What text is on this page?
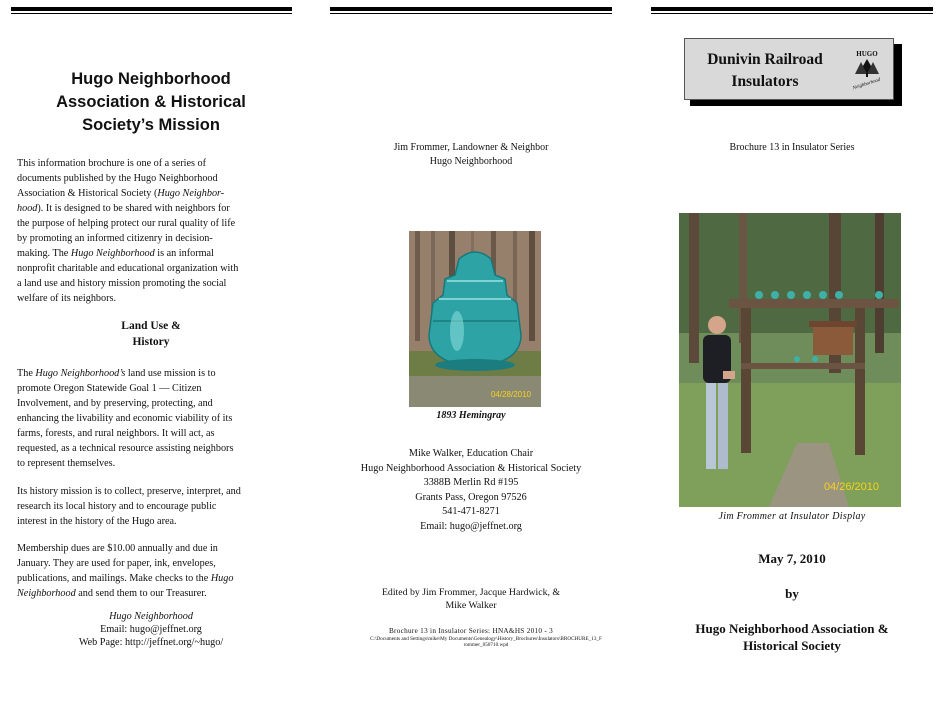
Hugo Neighborhood
Association & Historical
Society’s Mission
This information brochure is one of a series of
documents published by the Hugo Neighborhood
Association & Historical Society (Hugo Neighbor-
hood). It is designed to be shared with neighbors for
the purpose of helping protect our rural quality of life
by promoting an informed citizenry in decision-
making. The Hugo Neighborhood is an informal
nonprofit charitable and educational organization with
a land use and history mission promoting the social
welfare of its neighbors.
Land Use &
History
The Hugo Neighborhood’s land use mission is to
promote Oregon Statewide Goal 1 — Citizen
Involvement, and by preserving, protecting, and
enhancing the livability and economic viability of its
farms, forests, and rural neighbors. It will act, as
requested, as a technical resource assisting neighbors
to represent themselves.
Its history mission is to collect, preserve, interpret, and
research its local history and to encourage public
interest in the history of the Hugo area.
Membership dues are $10.00 annually and due in
January. They are used for paper, ink, envelopes,
publications, and mailings. Make checks to the Hugo
Neighborhood and send them to our Treasurer.
Hugo Neighborhood
Email: hugo@jeffnet.org
Web Page: http://jeffnet.org/~hugo/
Jim Frommer, Landowner & Neighbor
Hugo Neighborhood
04/28/2010
1893 Hemingray
Mike Walker, Education Chair
Hugo Neighborhood Association & Historical Society
3388B Merlin Rd #195
Grants Pass, Oregon 97526
541-471-8271
Email: hugo@jeffnet.org
Edited by Jim Frommer, Jacque Hardwick, &
Mike Walker
Brochure 13 in Insulator Series: HNA&HS 2010 - 3
C:\Documents and Settings\mike\My Documents\Genealogy\History_Brochures\Insulators\BROCHURE_13_Frommer_050710.wpd
Dunivin Railroad
Insulators
HUGO
Neighborhood
Brochure 13 in Insulator Series
04/26/2010
Jim Frommer at Insulator Display
May 7, 2010
by
Hugo Neighborhood Association &
Historical Society
